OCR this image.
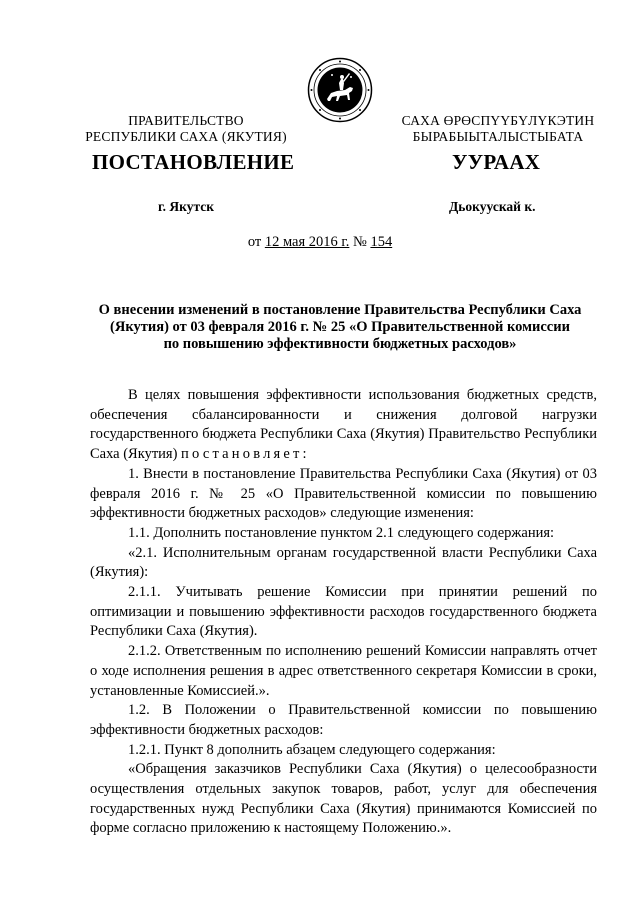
ПРАВИТЕЛЬСТВО
РЕСПУБЛИКИ САХА (ЯКУТИЯ)
САХА ӨРӨСПҮҮБҮЛҮКЭТИН
БЫРАБЫЫТАЛЫСТЫБАТА
ПОСТАНОВЛЕНИЕ	УУРААХ
г. Якутск	Дьокуускай к.
от 12 мая 2016 г. № 154
О внесении изменений в постановление Правительства Республики Саха
(Якутия) от 03 февраля 2016 г. № 25 «О Правительственной комиссии
по повышению эффективности бюджетных расходов»

В целях повышения эффективности использования бюджетных средств, обеспечения сбалансированности и снижения долговой нагрузки государственного бюджета Республики Саха (Якутия) Правительство Республики Саха (Якутия) постановляет:

1. Внести в постановление Правительства Республики Саха (Якутия) от 03 февраля 2016 г. № 25 «О Правительственной комиссии по повышению эффективности бюджетных расходов» следующие изменения:

1.1. Дополнить постановление пунктом 2.1 следующего содержания:

«2.1. Исполнительным органам государственной власти Республики Саха (Якутия):

2.1.1. Учитывать решение Комиссии при принятии решений по оптимизации и повышению эффективности расходов государственного бюджета Республики Саха (Якутия).

2.1.2. Ответственным по исполнению решений Комиссии направлять отчет о ходе исполнения решения в адрес ответственного секретаря Комиссии в сроки, установленные Комиссией.».

1.2. В Положении о Правительственной комиссии по повышению эффективности бюджетных расходов:

1.2.1. Пункт 8 дополнить абзацем следующего содержания:

«Обращения заказчиков Республики Саха (Якутия) о целесообразности осуществления отдельных закупок товаров, работ, услуг для обеспечения государственных нужд Республики Саха (Якутия) принимаются Комиссией по форме согласно приложению к настоящему Положению.».
